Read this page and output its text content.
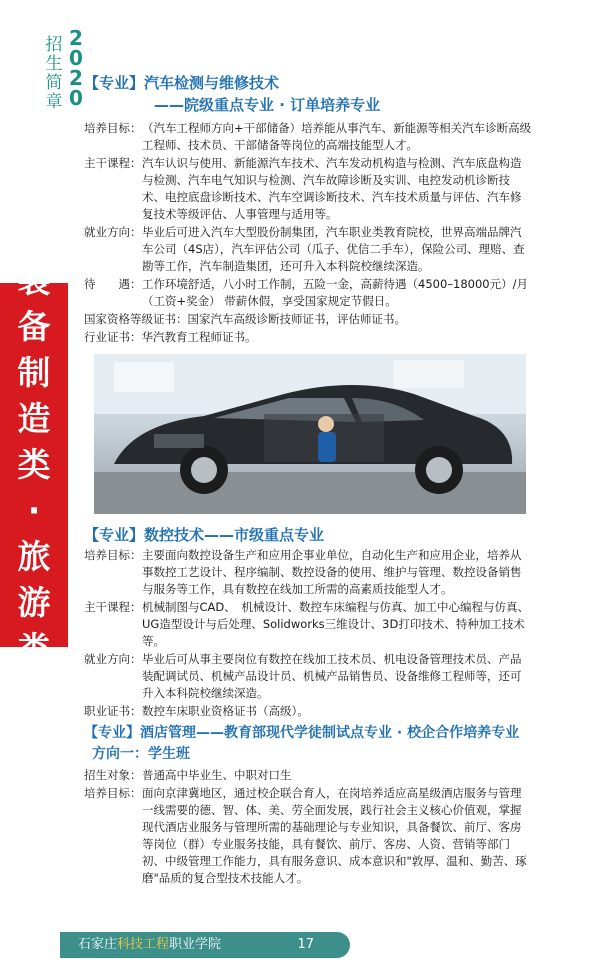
2
0
2
0
招
生
简
章
装
备
制
造
类
·
旅
游
类
【专业】汽车检测与维修技术
——院级重点专业 · 订单培养专业
培养目标： （汽车工程师方向+干部储备）培养能从事汽车、新能源等相关汽车诊断高级工程师、技术员、干部储备等岗位的高端技能型人才。
主干课程： 汽车认识与使用、新能源汽车技术、汽车发动机构造与检测、汽车底盘构造与检测、汽车电气知识与检测、汽车故障诊断及实训、电控发动机诊断技术、电控底盘诊断技术、汽车空调诊断技术、汽车技术质量与评估、汽车修复技术等级评估、人事管理与适用等。
就业方向： 毕业后可进入汽车大型股份制集团，汽车职业类教育院校，世界高端品牌汽车公司（4S店），汽车评估公司（瓜子、优信二手车），保险公司、理赔、查勘等工作，汽车制造集团，还可升入本科院校继续深造。
待　　遇： 工作环境舒适，八小时工作制，五险一金，高薪待遇（4500–18000元）/月（工资+奖金） 带薪休假，享受国家规定节假日。
国家资格等级证书：国家汽车高级诊断技师证书，评估师证书。
行业证书：华汽教育工程师证书。
【专业】数控技术——市级重点专业
培养目标： 主要面向数控设备生产和应用企事业单位，自动化生产和应用企业，培养从事数控工艺设计、程序编制、数控设备的使用、维护与管理、数控设备销售与服务等工作，具有数控在线加工所需的高素质技能型人才。
主干课程： 机械制图与CAD、　机械设计、数控车床编程与仿真、加工中心编程与仿真、UG造型设计与后处理、Solidworks三维设计、3D打印技术、特种加工技术等。
就业方向： 毕业后可从事主要岗位有数控在线加工技术员、机电设备管理技术员、产品装配调试员、机械产品设计员、机械产品销售员、设备维修工程师等，还可升入本科院校继续深造。
职业证书： 数控车床职业资格证书（高级）。
【专业】酒店管理——教育部现代学徒制试点专业 · 校企合作培养专业
方向一：学生班
招生对象： 普通高中毕业生、中职对口生
培养目标： 面向京津冀地区，通过校企联合育人，在岗培养适应高星级酒店服务与管理一线需要的德、智、体、美、劳全面发展，践行社会主义核心价值观，掌握现代酒店业服务与管理所需的基础理论与专业知识，具备餐饮、前厅、客房等岗位（群）专业服务技能，具有餐饮、前厅、客房、人资、营销等部门初、中级管理工作能力，具有服务意识、成本意识和"敦厚、温和、勤苦、琢磨"品质的复合型技术技能人才。
石家庄科技工程职业学院	17
